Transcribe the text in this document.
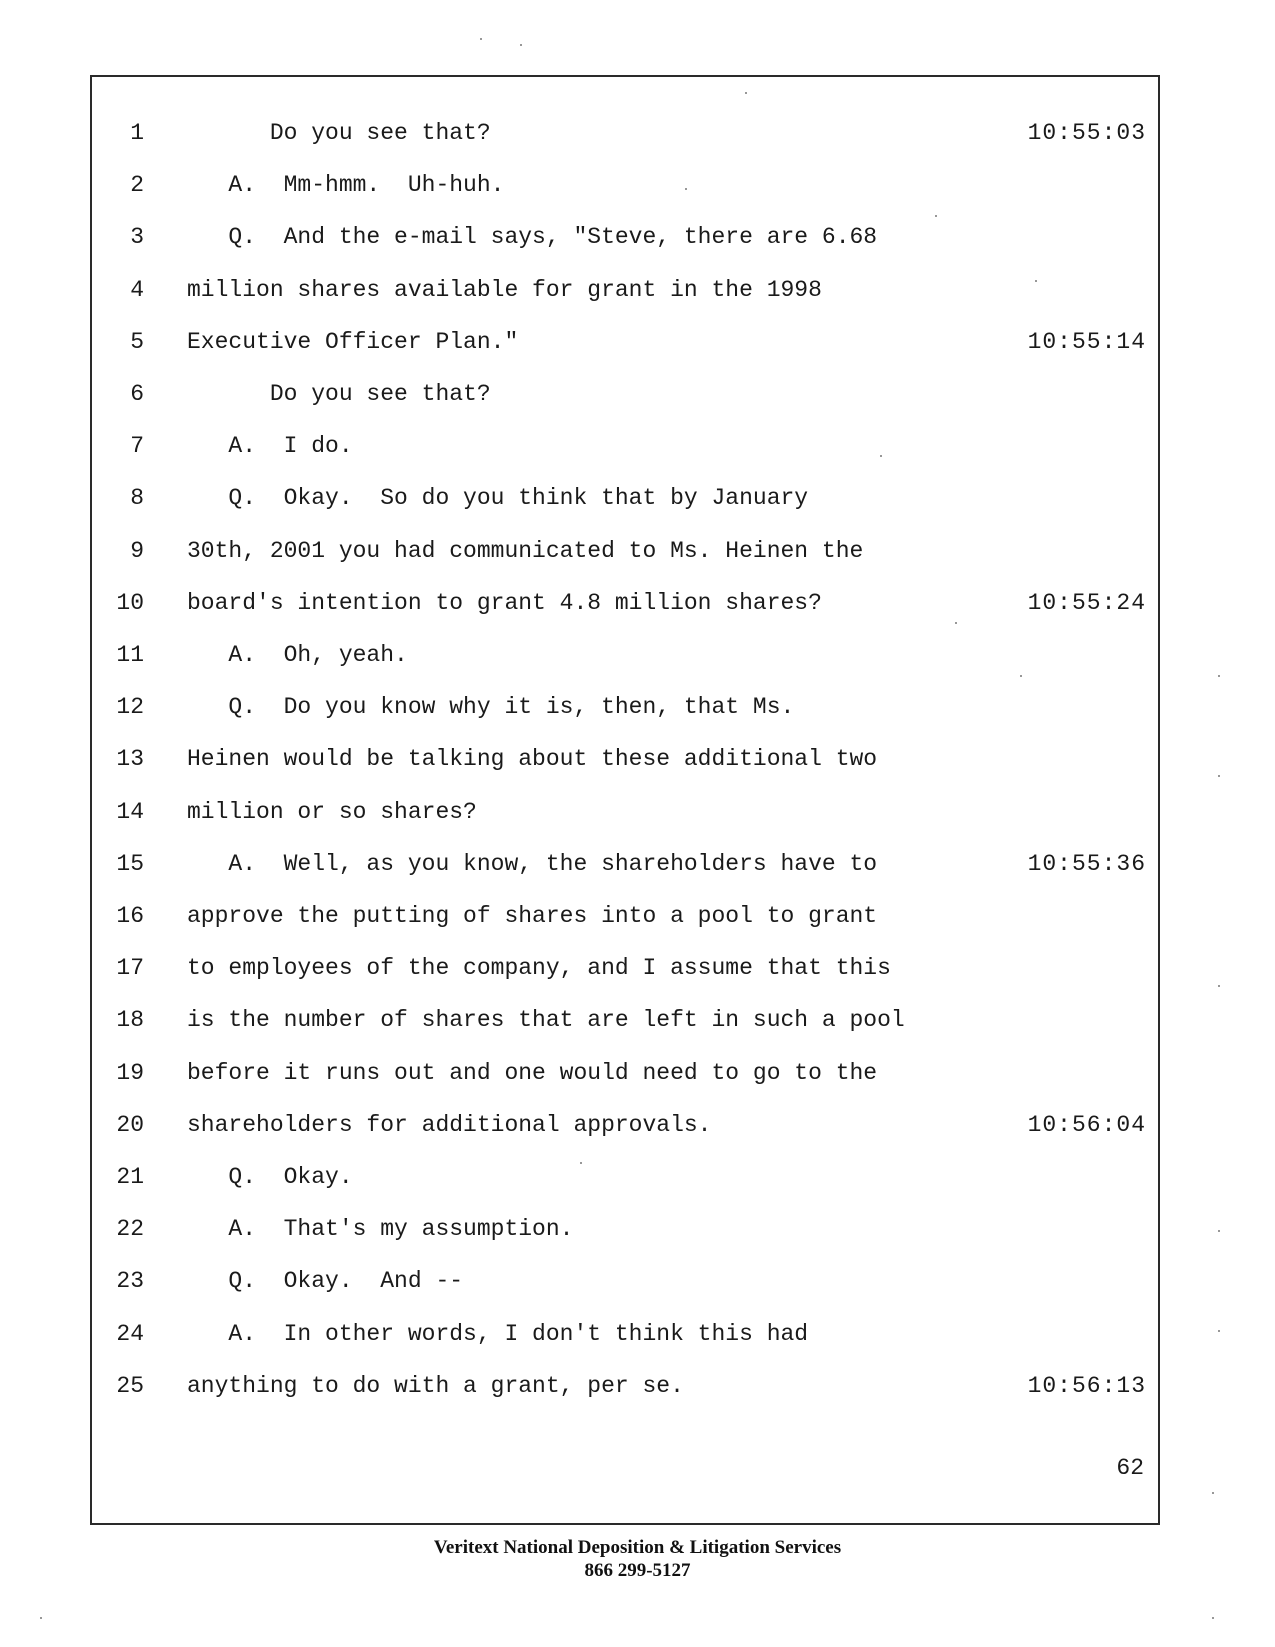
1 Do you see that?	10:55:03
2 A.  Mm-hmm.  Uh-huh.
3 Q.  And the e-mail says, "Steve, there are 6.68
4 million shares available for grant in the 1998
5 Executive Officer Plan."	10:55:14
6 Do you see that?
7 A.  I do.
8 Q.  Okay.  So do you think that by January
9 30th, 2001 you had communicated to Ms. Heinen the
10 board's intention to grant 4.8 million shares?	10:55:24
11 A.  Oh, yeah.
12 Q.  Do you know why it is, then, that Ms.
13 Heinen would be talking about these additional two
14 million or so shares?
15 A.  Well, as you know, the shareholders have to	10:55:36
16 approve the putting of shares into a pool to grant
17 to employees of the company, and I assume that this
18 is the number of shares that are left in such a pool
19 before it runs out and one would need to go to the
20 shareholders for additional approvals.	10:56:04
21 Q.  Okay.
22 A.  That's my assumption.
23 Q.  Okay.  And --
24 A.  In other words, I don't think this had
25 anything to do with a grant, per se.	10:56:13
62
Veritext National Deposition & Litigation Services
866 299-5127
